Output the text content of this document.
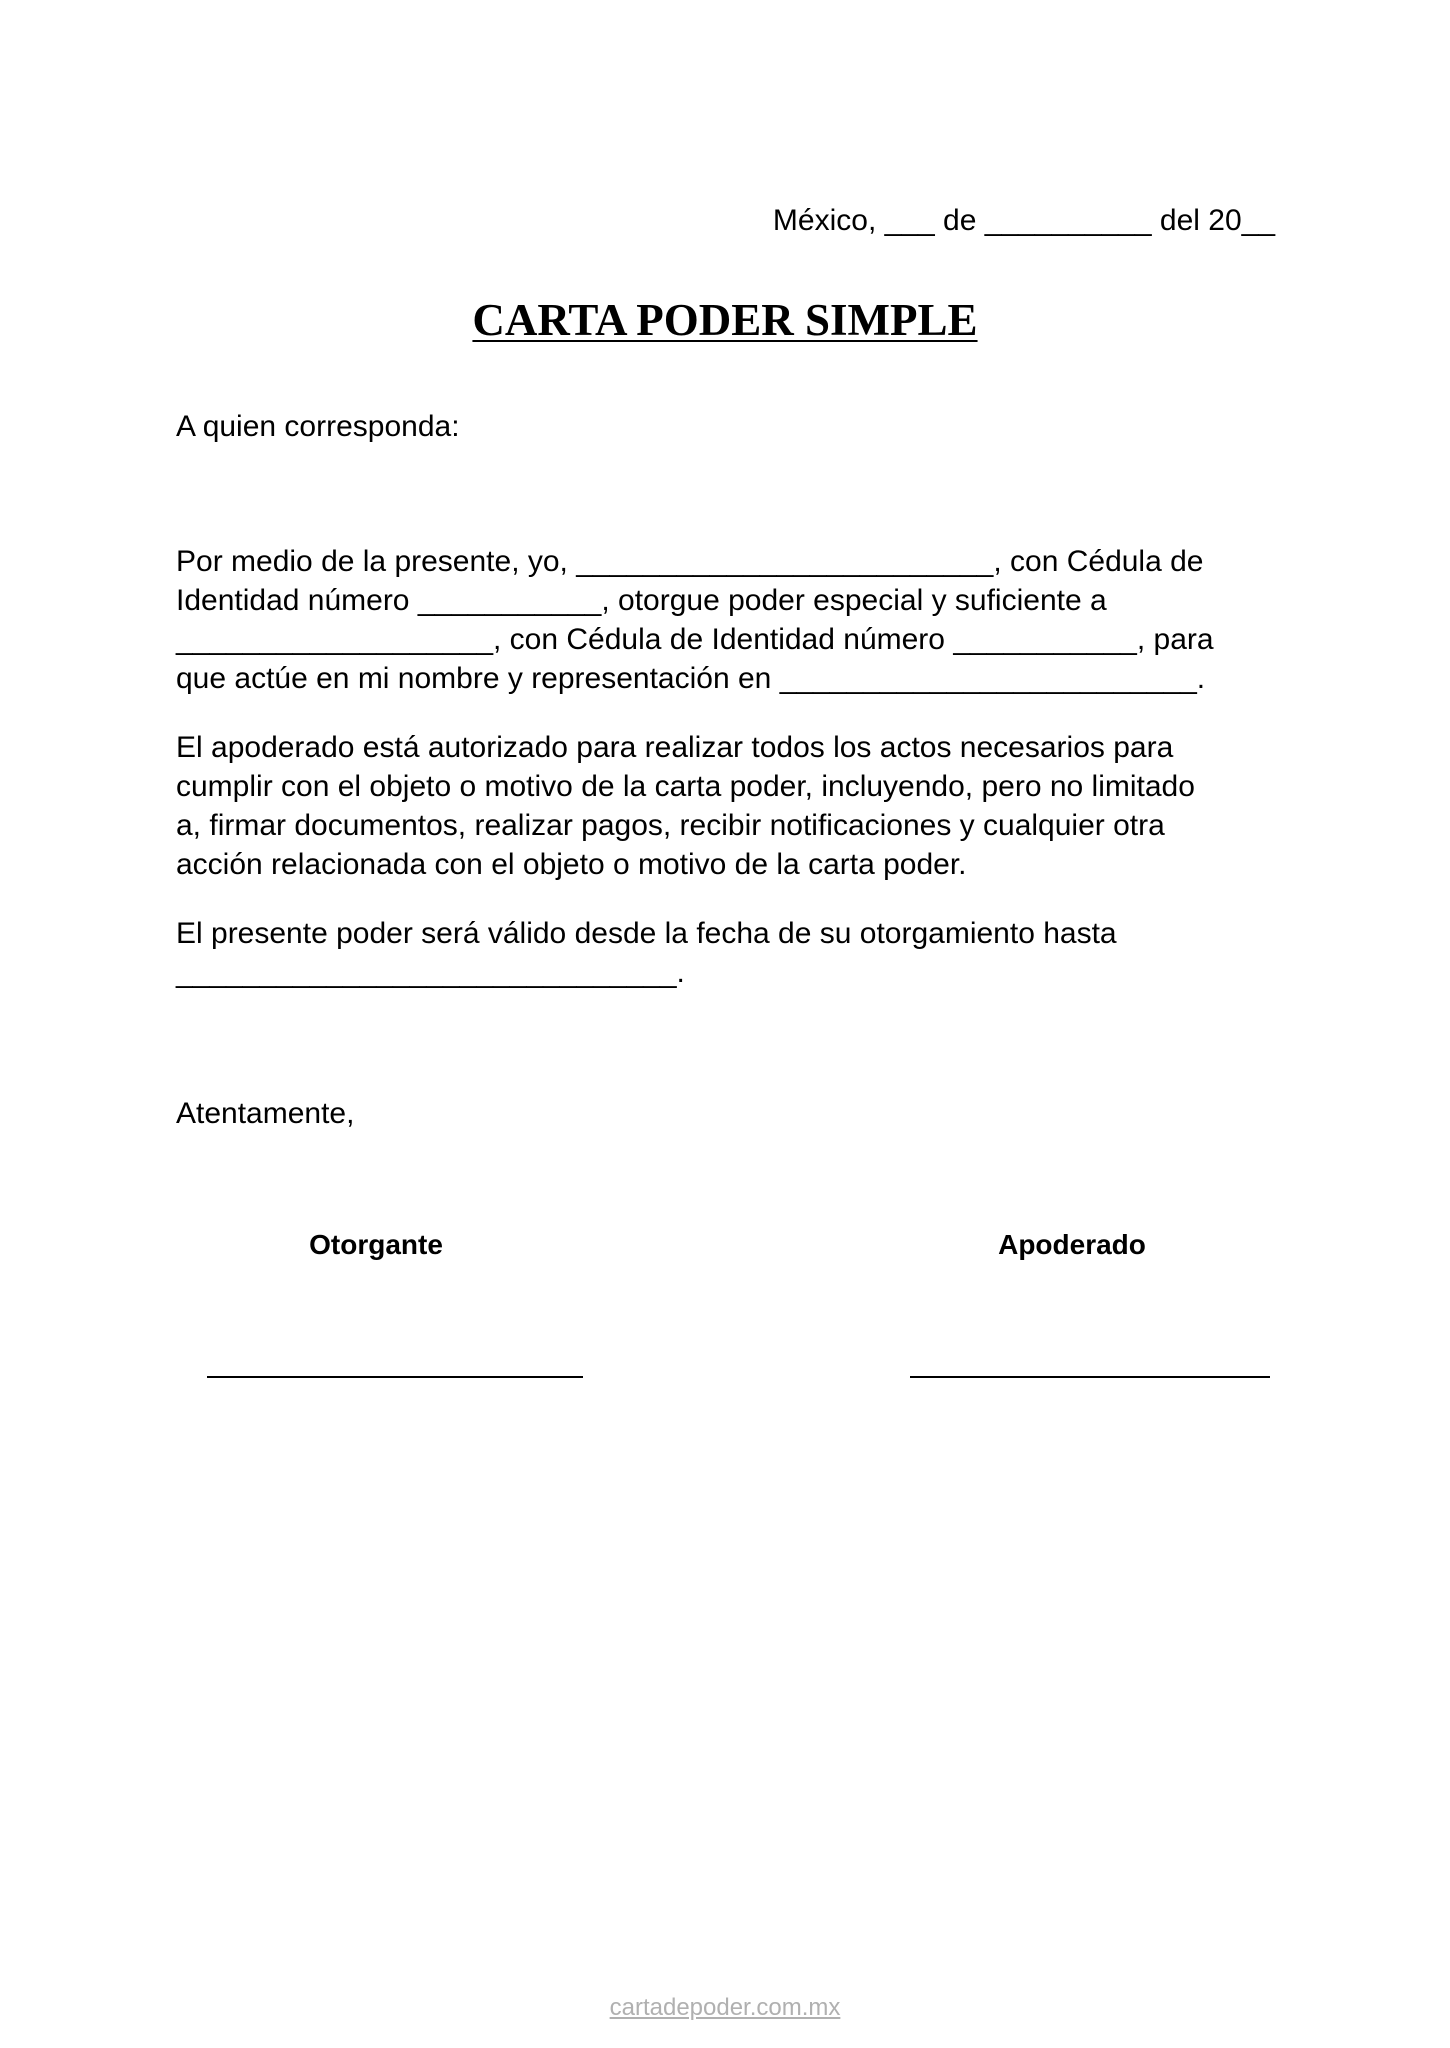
México, ___ de __________ del 20__
CARTA PODER SIMPLE
A quien corresponda:
Por medio de la presente, yo, _________________________, con Cédula de
Identidad número ___________, otorgue poder especial y suficiente a
___________________, con Cédula de Identidad número ___________, para
que actúe en mi nombre y representación en _________________________.
El apoderado está autorizado para realizar todos los actos necesarios para
cumplir con el objeto o motivo de la carta poder, incluyendo, pero no limitado
a, firmar documentos, realizar pagos, recibir notificaciones y cualquier otra
acción relacionada con el objeto o motivo de la carta poder.
El presente poder será válido desde la fecha de su otorgamiento hasta
______________________________.
Atentamente,
Otorgante	Apoderado
cartadepoder.com.mx
